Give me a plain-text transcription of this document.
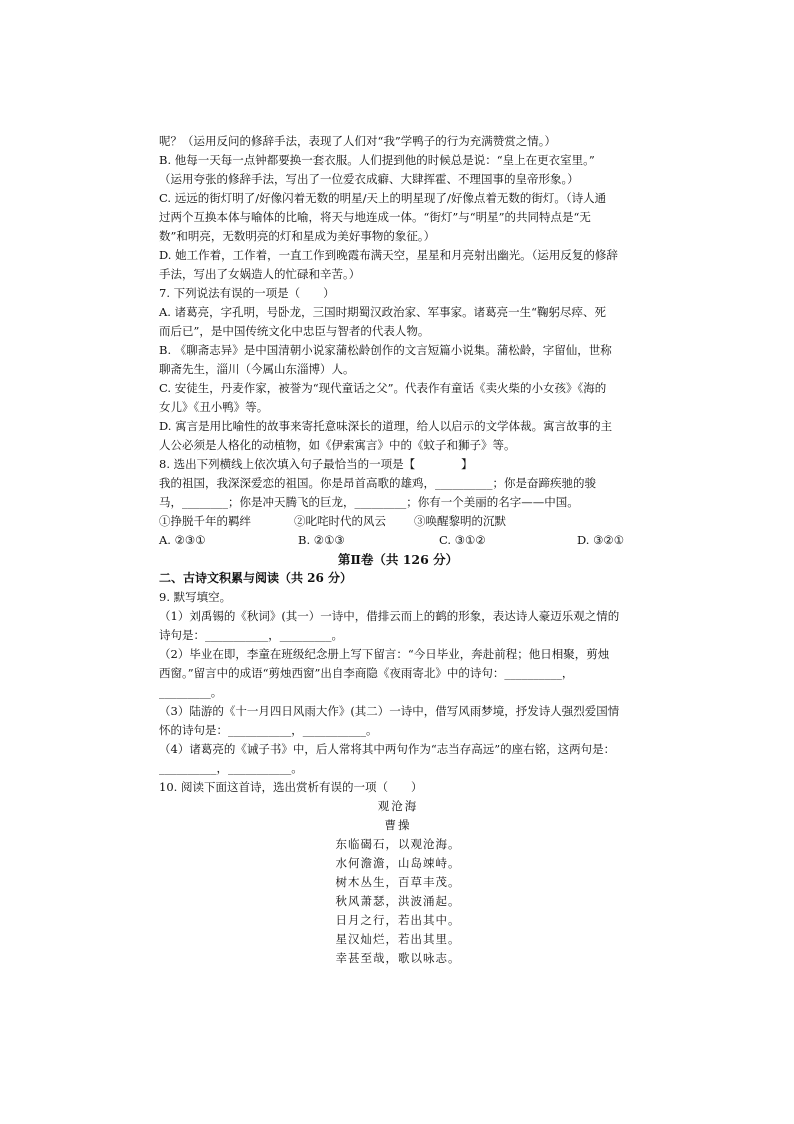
呢？（运用反问的修辞手法，表现了人们对“我”学鸭子的行为充满赞赏之情。）
B. 他每一天每一点钟都要换一套衣服。人们提到他的时候总是说：“皇上在更衣室里。”
（运用夸张的修辞手法，写出了一位爱衣成癖、大肆挥霍、不理国事的皇帝形象。）
C. 远远的街灯明了/好像闪着无数的明星/天上的明星现了/好像点着无数的街灯。（诗人通
过两个互换本体与喻体的比喻，将天与地连成一体。“街灯”与“明星”的共同特点是“无
数”和明亮，无数明亮的灯和星成为美好事物的象征。）
D. 她工作着，工作着，一直工作到晚霞布满天空，星星和月亮射出幽光。（运用反复的修辞
手法，写出了女娲造人的忙碌和辛苦。）
7. 下列说法有误的一项是（　　）
A. 诸葛亮，字孔明，号卧龙，三国时期蜀汉政治家、军事家。诸葛亮一生“鞠躬尽瘁、死
而后已”，是中国传统文化中忠臣与智者的代表人物。
B. 《聊斋志异》是中国清朝小说家蒲松龄创作的文言短篇小说集。蒲松龄，字留仙，世称
聊斋先生，淄川（今属山东淄博）人。
C. 安徒生，丹麦作家，被誉为“现代童话之父”。代表作有童话《卖火柴的小女孩》《海的
女儿》《丑小鸭》等。
D. 寓言是用比喻性的故事来寄托意味深长的道理，给人以启示的文学体裁。寓言故事的主
人公必须是人格化的动植物，如《伊索寓言》中的《蚊子和狮子》等。
8. 选出下列横线上依次填入句子最恰当的一项是【　　　　】
我的祖国，我深深爱恋的祖国。你是昂首高歌的雄鸡，__________；你是奋蹄疾驰的骏
马，________；你是冲天腾飞的巨龙，_________；你有一个美丽的名字——中国。
①挣脱千年的羁绊	②叱咤时代的风云	③唤醒黎明的沉默
A. ②③①	B. ②①③	C. ③①②	D. ③②①
第Ⅱ卷（共 126 分）
二、古诗文积累与阅读（共 26 分）
9. 默写填空。
（1）刘禹锡的《秋词》(其一）一诗中，借排云而上的鹤的形象，表达诗人豪迈乐观之情的
诗句是：___________，_________。
（2）毕业在即，李童在班级纪念册上写下留言：“今日毕业，奔赴前程；他日相聚，剪烛
西窗。”留言中的成语“剪烛西窗”出自李商隐《夜雨寄北》中的诗句：__________，
_________。
（3）陆游的《十一月四日风雨大作》(其二）一诗中，借写风雨梦境，抒发诗人强烈爱国情
怀的诗句是：___________，___________。
（4）诸葛亮的《诫子书》中，后人常将其中两句作为“志当存高远”的座右铭，这两句是：
__________，___________。
10. 阅读下面这首诗，选出赏析有误的一项（　　）
观沧海
曹操
东临碣石，以观沧海。
水何澹澹，山岛竦峙。
树木丛生，百草丰茂。
秋风萧瑟，洪波涌起。
日月之行，若出其中。
星汉灿烂，若出其里。
幸甚至哉，歌以咏志。
